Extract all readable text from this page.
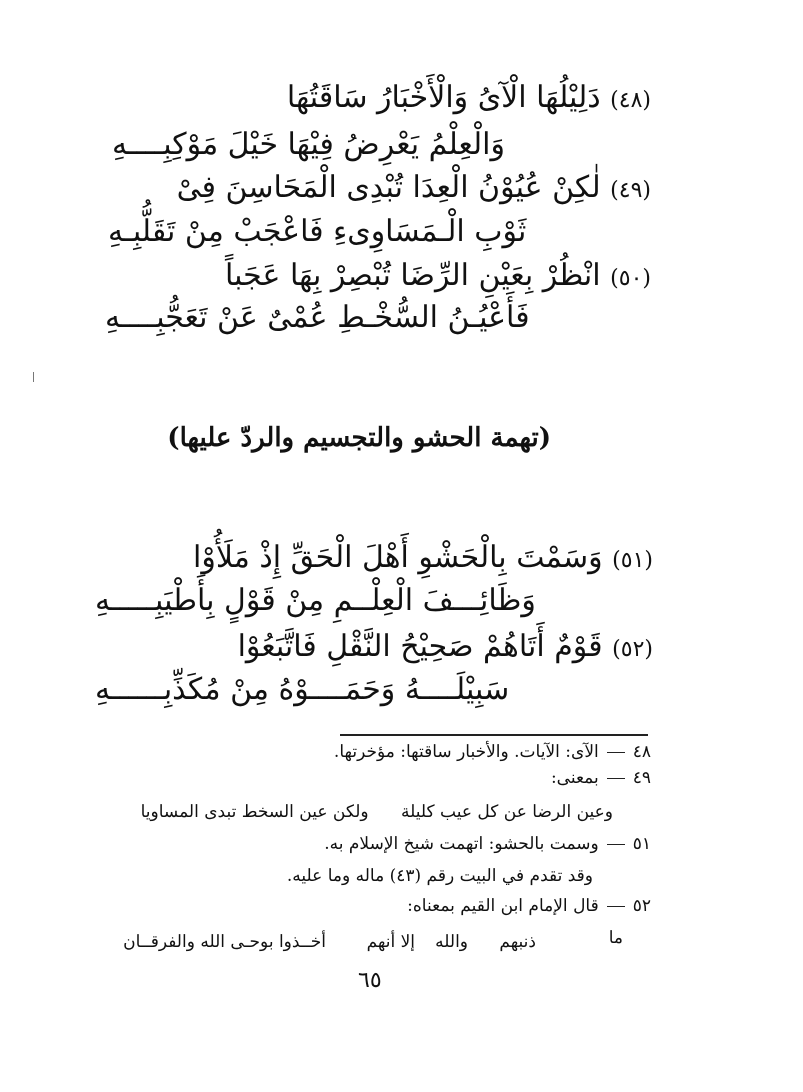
(٤٨) دَلِيْلُهَا الْآىُ وَالْأَخْبَارُ سَاقَتُهَا
وَالْعِلْمُ يَعْرِضُ فِيْهَا خَيْلَ مَوْكِبِــــهِ
(٤٩) لٰكِنْ عُيُوْنُ الْعِدَا تُبْدِى الْمَحَاسِنَ فِىْ
ثَوْبِ الْـمَسَاوِىءِ فَاعْجَبْ مِنْ تَقَلُّبِـهِ
(٥٠) انْظُرْ بِعَيْنِ الرِّضَا تُبْصِرْ بِهَا عَجَباً
فَأَعْيُـنُ السُّخْـطِ عُمْىٌ عَنْ تَعَجُّبِــــهِ
(تهمة الحشو والتجسيم والردّ عليها)
(٥١) وَسَمْتَ بِالْحَشْوِ أَهْلَ الْحَقِّ إِذْ مَلَأُوْا
وَظَائِـــفَ الْعِلْــمِ مِنْ قَوْلٍ بِأَطْيَبِـــــهِ
(٥٢) قَوْمٌ أَتَاهُمْ صَحِيْحُ النَّقْلِ فَاتَّبَعُوْا
سَبِيْلَــــهُ وَحَمَــــوْهُ مِنْ مُكَذِّبِــــــهِ
٤٨الآى: الآيات. والأخبار ساقتها: مؤخرتها.
٤٩بمعنى:
وعين الرضا عن كل عيب كليلة      ولكن عين السخط تبدى المساويا
٥١وسمت بالحشو: اتهمت شيخ الإسلام به.
وقد تقدم في البيت رقم (٤٣) ماله وما عليه.
٥٢قال الإمام ابن القيم بمعناه:
ما
ذنبهم
والله
إلا أنهم
أخــذوا بوحـى الله والفرقــان
٦٥
